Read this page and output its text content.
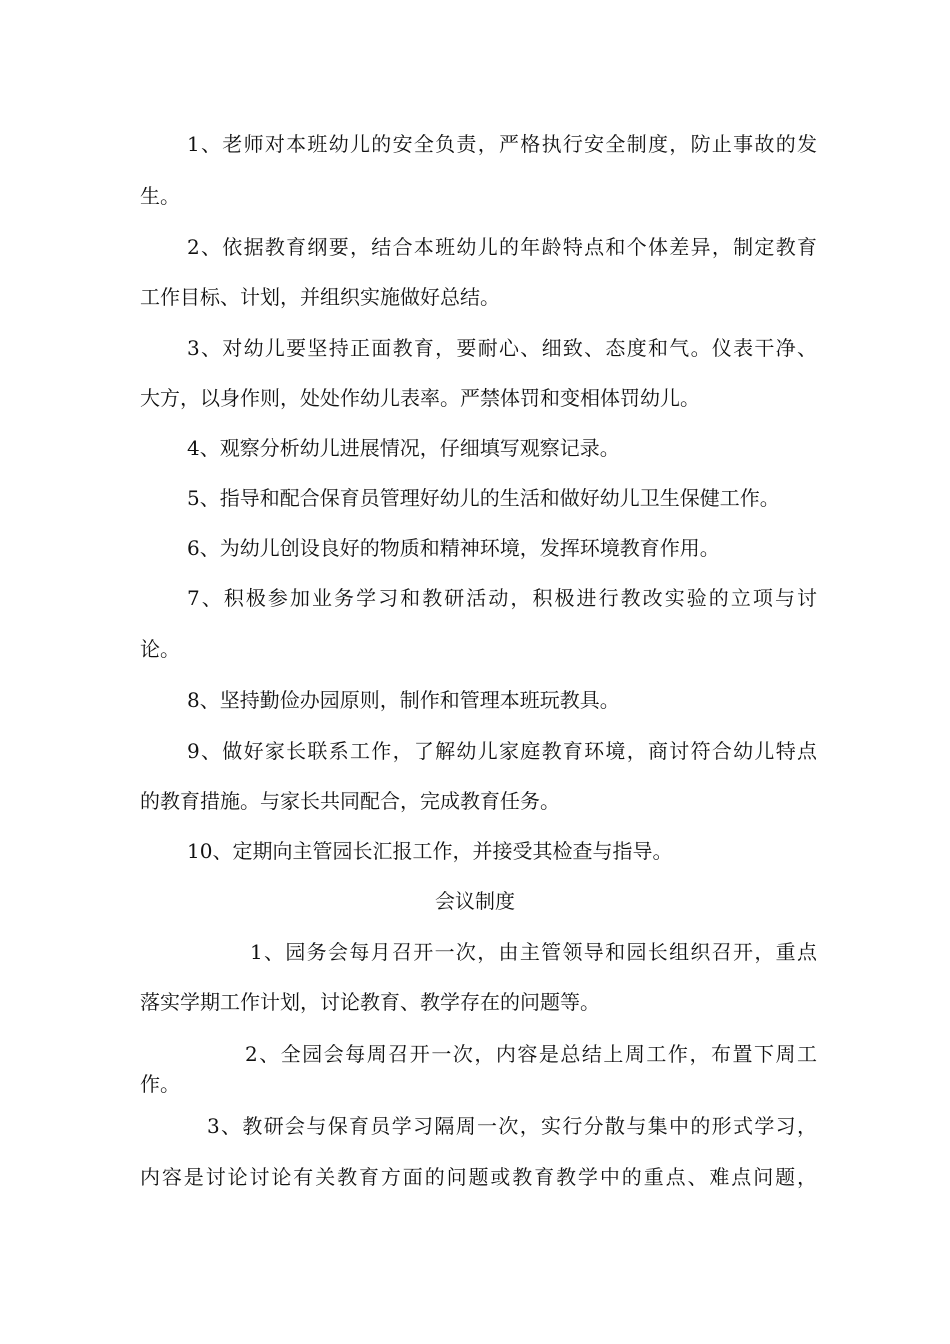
1、老师对本班幼儿的安全负责，严格执行安全制度，防止事故的发
生。
2、依据教育纲要，结合本班幼儿的年龄特点和个体差异，制定教育
工作目标、计划，并组织实施做好总结。
3、对幼儿要坚持正面教育，要耐心、细致、态度和气。仪表干净、
大方，以身作则，处处作幼儿表率。严禁体罚和变相体罚幼儿。
4、观察分析幼儿进展情况，仔细填写观察记录。
5、指导和配合保育员管理好幼儿的生活和做好幼儿卫生保健工作。
6、为幼儿创设良好的物质和精神环境，发挥环境教育作用。
7、积极参加业务学习和教研活动，积极进行教改实验的立项与讨
论。
8、坚持勤俭办园原则，制作和管理本班玩教具。
9、做好家长联系工作，了解幼儿家庭教育环境，商讨符合幼儿特点
的教育措施。与家长共同配合，完成教育任务。
10、定期向主管园长汇报工作，并接受其检查与指导。
会议制度
1、园务会每月召开一次，由主管领导和园长组织召开，重点
落实学期工作计划，讨论教育、教学存在的问题等。
2、全园会每周召开一次，内容是总结上周工作，布置下周工
作。
3、教研会与保育员学习隔周一次，实行分散与集中的形式学习，
内容是讨论讨论有关教育方面的问题或教育教学中的重点、难点问题，
